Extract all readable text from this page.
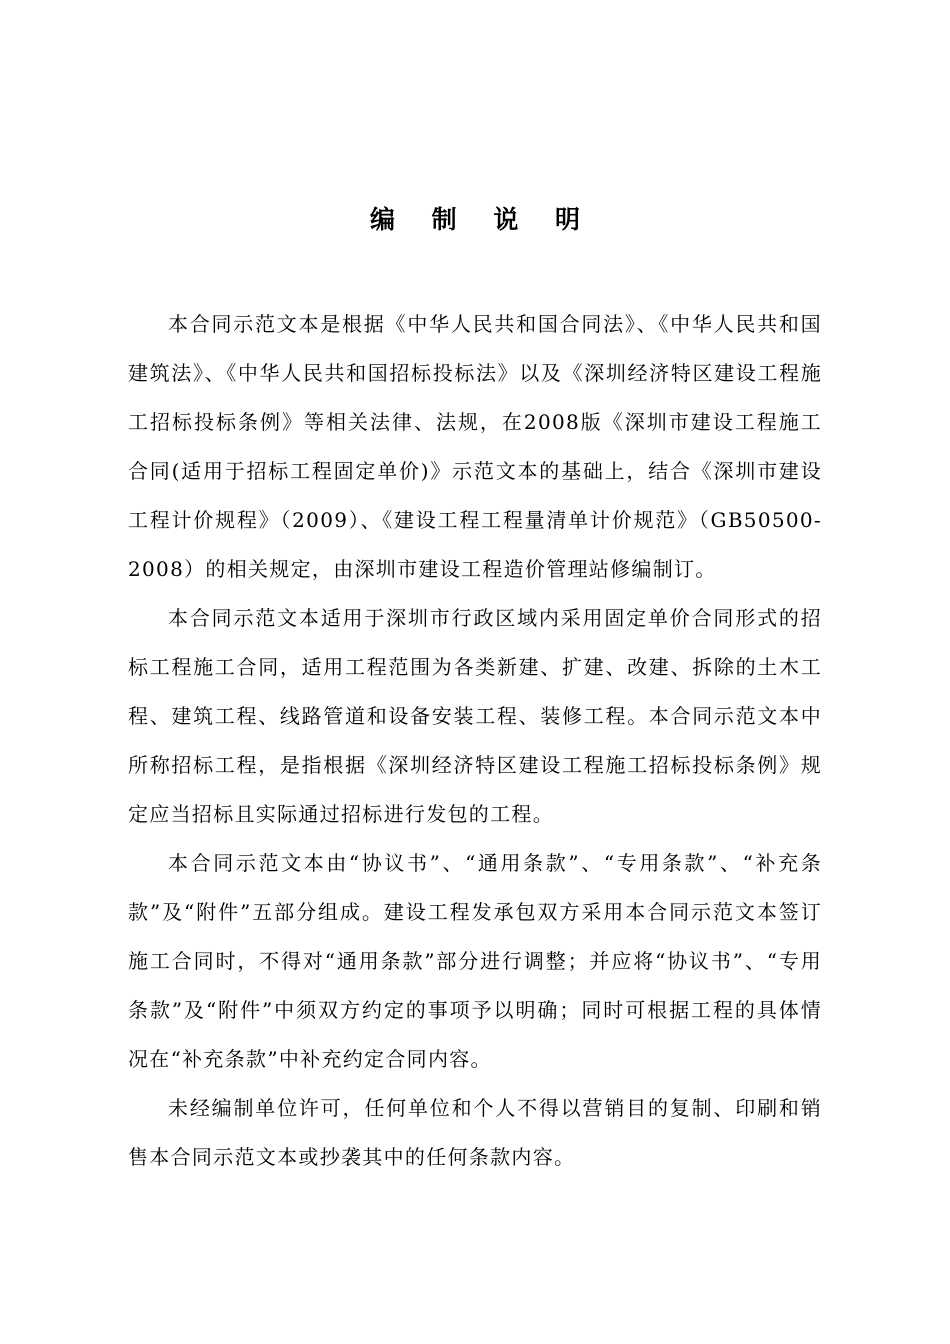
编 制 说 明

本合同示范文本是根据《中华人民共和国合同法》、《中华人民共和国建筑法》、《中华人民共和国招标投标法》以及《深圳经济特区建设工程施工招标投标条例》等相关法律、法规，在2008版《深圳市建设工程施工合同(适用于招标工程固定单价)》示范文本的基础上，结合《深圳市建设工程计价规程》（2009）、《建设工程工程量清单计价规范》（GB50500-2008）的相关规定，由深圳市建设工程造价管理站修编制订。

本合同示范文本适用于深圳市行政区域内采用固定单价合同形式的招标工程施工合同，适用工程范围为各类新建、扩建、改建、拆除的土木工程、建筑工程、线路管道和设备安装工程、装修工程。本合同示范文本中所称招标工程，是指根据《深圳经济特区建设工程施工招标投标条例》规定应当招标且实际通过招标进行发包的工程。

本合同示范文本由“协议书”、“通用条款”、“专用条款”、“补充条款”及“附件”五部分组成。建设工程发承包双方采用本合同示范文本签订施工合同时，不得对“通用条款”部分进行调整；并应将“协议书”、“专用条款”及“附件”中须双方约定的事项予以明确；同时可根据工程的具体情况在“补充条款”中补充约定合同内容。

未经编制单位许可，任何单位和个人不得以营销目的复制、印刷和销售本合同示范文本或抄袭其中的任何条款内容。
